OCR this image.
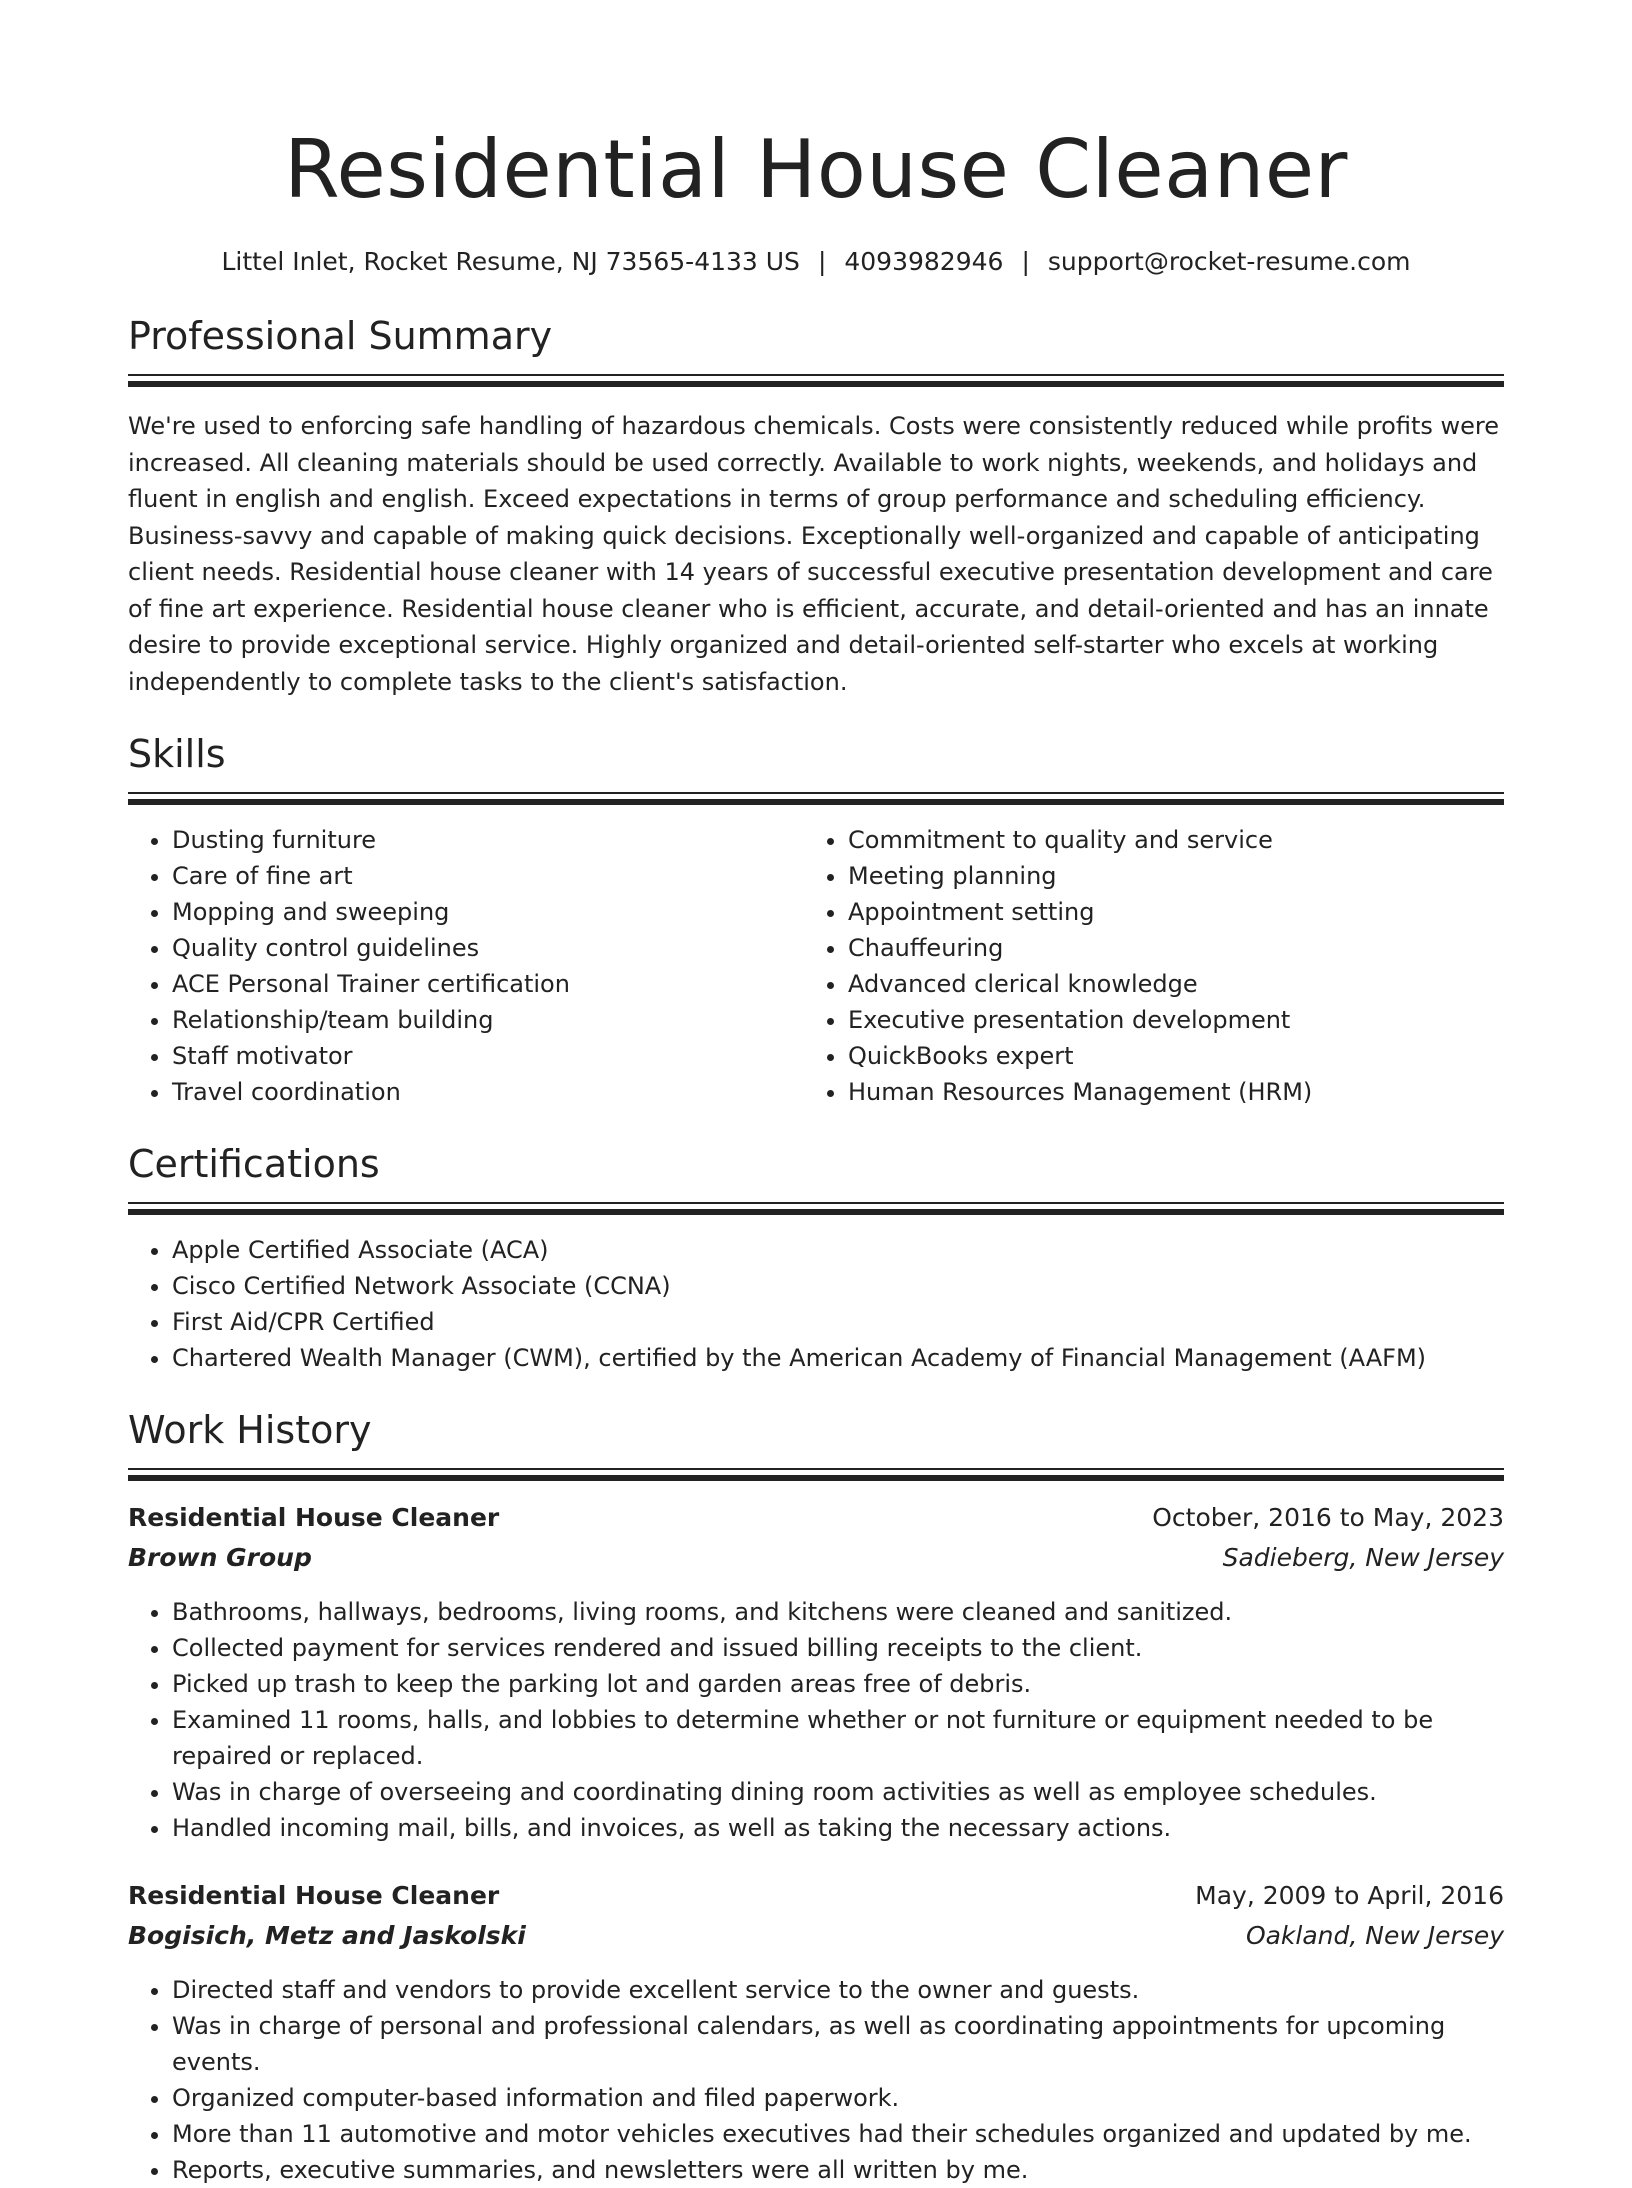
Residential House Cleaner
Littel Inlet, Rocket Resume, NJ 73565-4133 US | 4093982946 | support@rocket-resume.com
Professional Summary

We're used to enforcing safe handling of hazardous chemicals. Costs were consistently reduced while profits were increased. All cleaning materials should be used correctly. Available to work nights, weekends, and holidays and fluent in english and english. Exceed expectations in terms of group performance and scheduling efficiency. Business-savvy and capable of making quick decisions. Exceptionally well-organized and capable of anticipating client needs. Residential house cleaner with 14 years of successful executive presentation development and care of fine art experience. Residential house cleaner who is efficient, accurate, and detail-oriented and has an innate desire to provide exceptional service. Highly organized and detail-oriented self-starter who excels at working independently to complete tasks to the client's satisfaction.

Skills
• Dusting furniture
• Care of fine art
• Mopping and sweeping
• Quality control guidelines
• ACE Personal Trainer certification
• Relationship/team building
• Staff motivator
• Travel coordination
• Commitment to quality and service
• Meeting planning
• Appointment setting
• Chauffeuring
• Advanced clerical knowledge
• Executive presentation development
• QuickBooks expert
• Human Resources Management (HRM)
Certifications
• Apple Certified Associate (ACA)
• Cisco Certified Network Associate (CCNA)
• First Aid/CPR Certified
• Chartered Wealth Manager (CWM), certified by the American Academy of Financial Management (AAFM)
Work History
Residential House Cleaner	October, 2016 to May, 2023
Brown Group	Sadieberg, New Jersey
• Bathrooms, hallways, bedrooms, living rooms, and kitchens were cleaned and sanitized.
• Collected payment for services rendered and issued billing receipts to the client.
• Picked up trash to keep the parking lot and garden areas free of debris.
• Examined 11 rooms, halls, and lobbies to determine whether or not furniture or equipment needed to be repaired or replaced.
• Was in charge of overseeing and coordinating dining room activities as well as employee schedules.
• Handled incoming mail, bills, and invoices, as well as taking the necessary actions.
Residential House Cleaner	May, 2009 to April, 2016
Bogisich, Metz and Jaskolski	Oakland, New Jersey
• Directed staff and vendors to provide excellent service to the owner and guests.
• Was in charge of personal and professional calendars, as well as coordinating appointments for upcoming events.
• Organized computer-based information and filed paperwork.
• More than 11 automotive and motor vehicles executives had their schedules organized and updated by me.
• Reports, executive summaries, and newsletters were all written by me.
